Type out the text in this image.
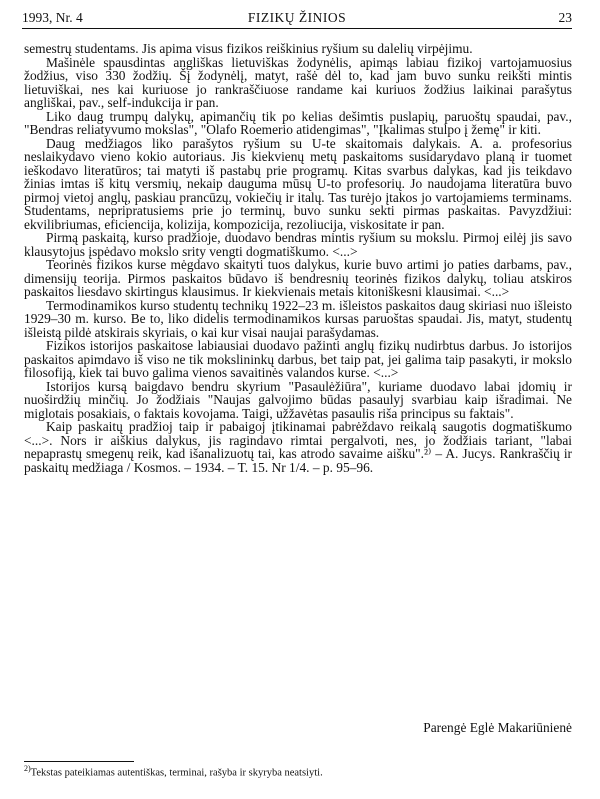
1993, Nr. 4	FIZIKŲ ŽINIOS	23

semestrų studentams. Jis apima visus fizikos reiškinius ryšium su dalelių virpėjimu.

Mašinėle spausdintas angliškas lietuviškas žodynėlis, apimąs labiau fizikoj vartojamuosius žodžius, viso 330 žodžių. Šį žodynėlį, matyt, rašė dėl to, kad jam buvo sunku reikšti mintis lietuviškai, nes kai kuriuose jo rankraščiuose randame kai kuriuos žodžius laikinai parašytus angliškai, pav., self-indukcija ir pan.

Liko daug trumpų dalykų, apimančių tik po kelias dešimtis puslapių, paruoštų spaudai, pav., "Bendras reliatyvumo mokslas", "Olafo Roemerio atidengimas", "Įkalimas stulpo į žemę" ir kiti.

Daug medžiagos liko parašytos ryšium su U-te skaitomais dalykais. A. a. profesorius neslaikydavo vieno kokio autoriaus. Jis kiekvienų metų paskaitoms susidarydavo planą ir tuomet ieškodavo literatūros; tai matyti iš pastabų prie programų. Kitas svarbus dalykas, kad jis teikdavo žinias imtas iš kitų versmių, nekaip dauguma mūsų U-to profesorių. Jo naudojama literatūra buvo pirmoj vietoj anglų, paskiau prancūzų, vokiečių ir italų. Tas turėjo įtakos jo vartojamiems terminams. Studentams, nepripratusiems prie jo terminų, buvo sunku sekti pirmas paskaitas. Pavyzdžiui: ekvilibriumas, eficiencija, kolizija, kompozicija, rezoliucija, viskositate ir pan.

Pirmą paskaitą, kurso pradžioje, duodavo bendras mintis ryšium su mokslu. Pirmoj eilėj jis savo klausytojus įspėdavo mokslo srity vengti dogmatiškumo. <...>

Teorinės fizikos kurse mėgdavo skaityti tuos dalykus, kurie buvo artimi jo paties darbams, pav., dimensijų teorija. Pirmos paskaitos būdavo iš bendresnių teorinės fizikos dalykų, toliau atskiros paskaitos liesdavo skirtingus klausimus. Ir kiekvienais metais kitoniškesni klausimai. <...>

Termodinamikos kurso studentų technikų 1922–23 m. išleistos paskaitos daug skiriasi nuo išleisto 1929–30 m. kurso. Be to, liko didelis termodinamikos kursas paruoštas spaudai. Jis, matyt, studentų išleistą pildė atskirais skyriais, o kai kur visai naujai parašydamas.

Fizikos istorijos paskaitose labiausiai duodavo pažinti anglų fizikų nudirbtus darbus. Jo istorijos paskaitos apimdavo iš viso ne tik mokslininkų darbus, bet taip pat, jei galima taip pasakyti, ir mokslo filosofiją, kiek tai buvo galima vienos savaitinės valandos kurse. <...>

Istorijos kursą baigdavo bendru skyrium "Pasaulėžiūra", kuriame duodavo labai įdomių ir nuoširdžių minčių. Jo žodžiais "Naujas galvojimo būdas pasaulyj svarbiau kaip išradimai. Ne miglotais posakiais, o faktais kovojama. Taigi, užžavėtas pasaulis riša principus su faktais".

Kaip paskaitų pradžioj taip ir pabaigoj įtikinamai pabrėždavo reikalą saugotis dogmatiškumo <...>. Nors ir aiškius dalykus, jis ragindavo rimtai pergalvoti, nes, jo žodžiais tariant, "labai nepaprastų smegenų reik, kad išanalizuotų tai, kas atrodo savaime aišku".²⁾ – A. Jucys. Rankraščių ir paskaitų medžiaga / Kosmos. – 1934. – T. 15. Nr 1/4. – p. 95–96.

Parengė Eglė Makariūnienė
$^{2)}$Tekstas pateikiamas autentiškas, terminai, rašyba ir skyryba neatsiyti.
